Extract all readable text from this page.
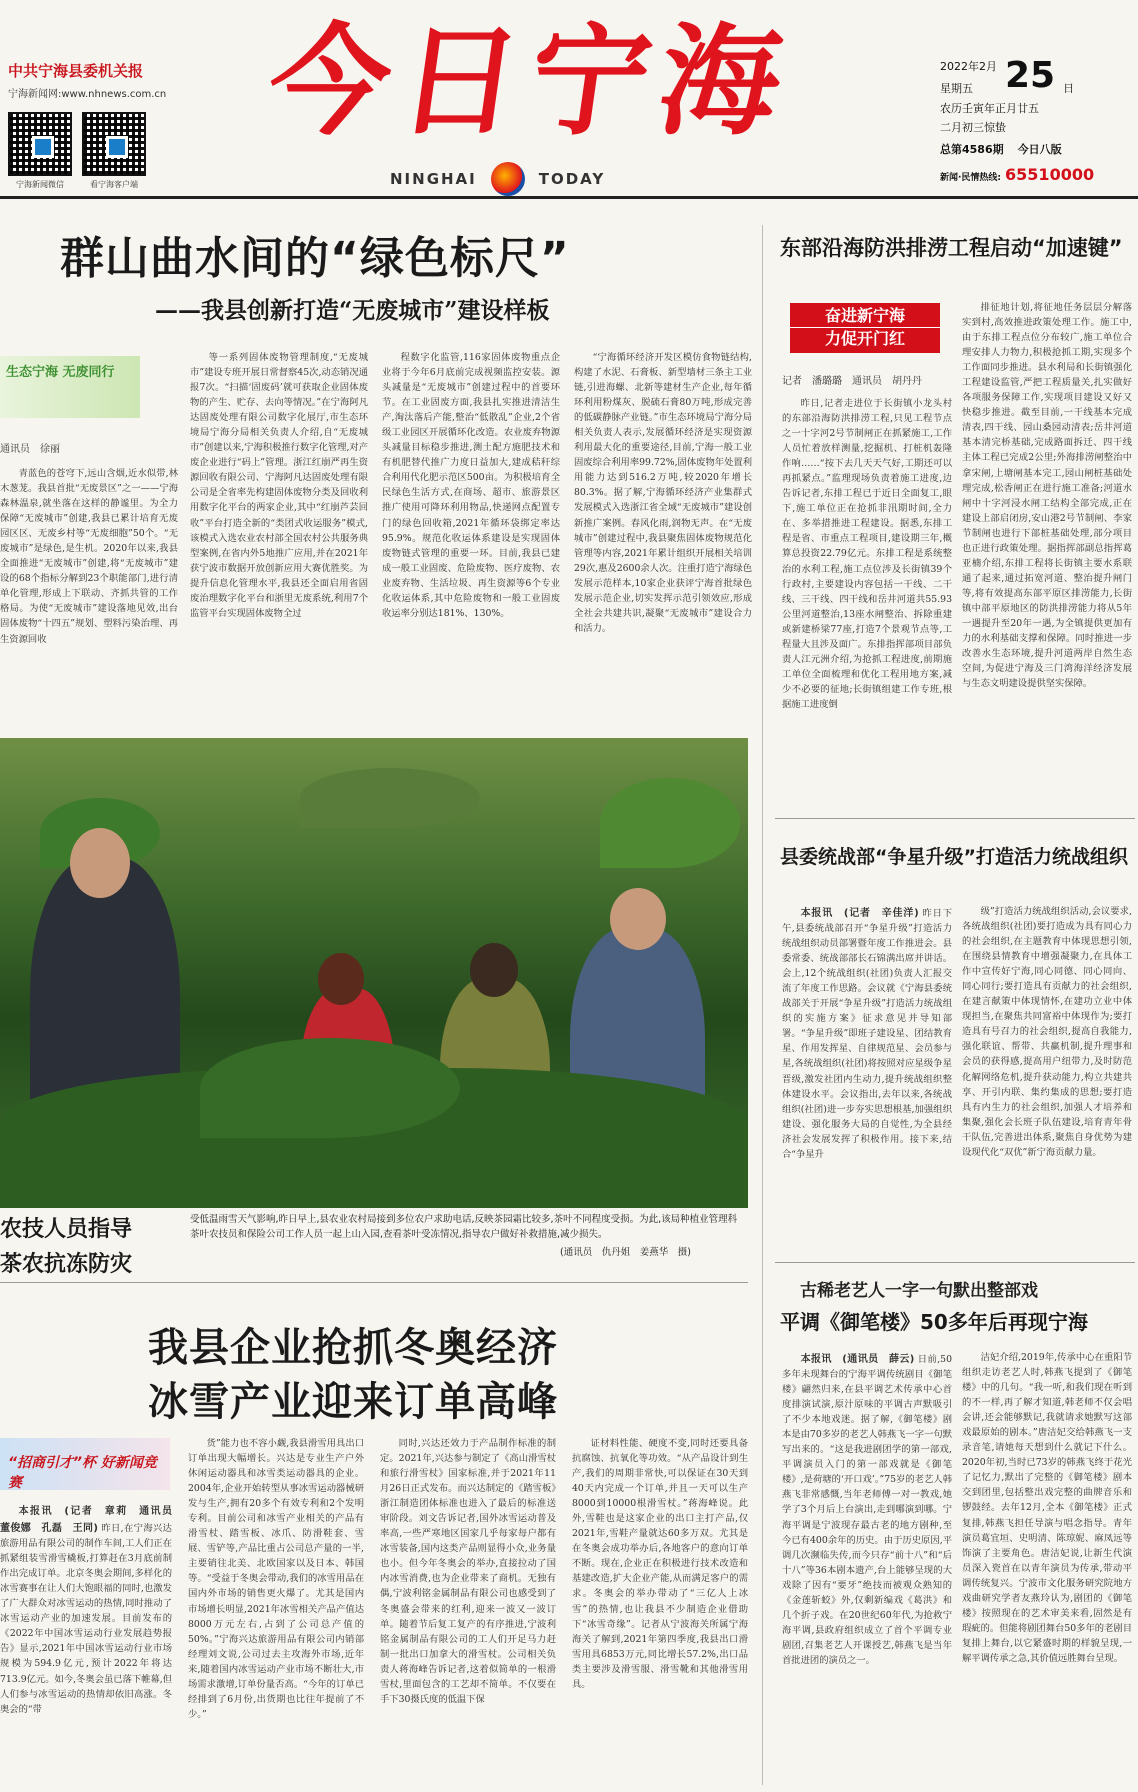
中共宁海县委机关报
宁海新闻网:www.nhnews.com.cn
宁海新闻微信	看宁海客户端
今日宁海
NINGHAI	TODAY
2022年2月
星期五 25 日
农历壬寅年正月廿五
二月初三惊蛰
总第4586期 今日八版
新闻·民情热线: 65510000
群山曲水间的“绿色标尺”
——我县创新打造“无废城市”建设样板
生态宁海 无废同行
通讯员　徐丽

青蓝色的苍穹下,远山含烟,近水似带,林木葱茏。我县首批“无废景区”之一——宁海森林温泉,就坐落在这样的静谧里。为全力保障“无废城市”创建,我县已累计培育无废园区区、无废乡村等“无废细胞”50个。“无废城市”是绿色,是生机。2020年以来,我县全面推进“无废城市”创建,将“无废城市”建设的68个指标分解到23个职能部门,进行清单化管理,形成上下联动、齐抓共管的工作格局。为使“无废城市”建设落地见效,出台固体废物“十四五”规划、塑料污染治理、再生资源回收

等一系列固体废物管理制度,“无废城市”建设专班开展日常督察45次,动态销况通报7次。“扫描‘固废码’就可获取企业固体废物的产生、贮存、去向等情况。”在宁海阿凡达固废处理有限公司数字化展厅,市生态环境局宁海分局相关负责人介绍,自“无废城市”创建以来,宁海积极推行数字化管理,对产废企业进行“码上”管理。浙江红崩严再生资源回收有限公司、宁海阿凡达固废处理有限公司是全省率先构建固体废物分类及回收利用数字化平台的两家企业,其中“红崩芦芸回收”平台打造全新的“类团式收运服务”模式,该模式入选农业农村部全国农村公共服务典型案例,在省内外5地推广应用,并在2021年获宁波市数据开放创新应用大赛优胜奖。为提升信息化管理水平,我县还全面启用省固废治理数字化平台和浙里无废系统,利用7个监管平台实现固体废物全过

程数字化监管,116家固体废物重点企业将于今年6月底前完成视频监控安装。源头减量是“无废城市”创建过程中的首要环节。在工业固废方面,我县扎实推进清洁生产,淘汰落后产能,整治“低散乱”企业,2个省级工业园区开展循环化改造。农业废弃物源头减量目标稳步推进,测土配方施肥技术和有机肥替代推广力度日益加大,建成秸秆综合利用代化肥示范区500亩。为积极培育全民绿色生活方式,在商场、超市、旅游景区推广使用可降环利用物品,快递网点配置专门的绿色回收箱,2021年循环袋绑定率达95.9%。规范化收运体系建设是实现固体废物链式管理的重要一环。目前,我县已建成一般工业固废、危险废物、医疗废物、农业废弃物、生活垃圾、再生资源等6个专业化收运体系,其中危险废物和一般工业固废收运率分别达181%、130%。

“宁海循环经济开发区模仿食物链结构,构建了水泥、石膏板、新型墙材三条主工业链,引进海螺、北新等建材生产企业,每年循环利用粉煤灰、脱硫石膏80万吨,形成完善的低碳静脉产业链。”市生态环境局宁海分局相关负责人表示,发展循环经济是实现资源利用最大化的重要途径,目前,宁海一般工业固废综合利用率99.72%,固体废物年处置利用能力达到516.2万吨,较2020年增长80.3%。据了解,宁海循环经济产业集群式发展模式入选浙江省全域“无废城市”建设创新推广案例。春风化雨,润物无声。在“无废城市”创建过程中,我县聚焦固体废物规范化管理等内容,2021年累计组织开展相关培训29次,惠及2600余人次。注重打造宁海绿色发展示范样本,10家企业获评宁海首批绿色发展示范企业,切实发挥示范引领效应,形成全社会共建共识,凝聚“无废城市”建设合力和活力。

农技人员指导
茶农抗冻防灾
受低温雨雪天气影响,昨日早上,县农业农村局接到多位农户求助电话,反映茶园霜比较多,茶叶不同程度受损。为此,该局种植业管理科茶叶农技员和保险公司工作人员一起上山入园,查看茶叶受冻情况,指导农户做好补救措施,减少损失。
(通讯员　仇丹姐　姜燕华　摄)
我县企业抢抓冬奥经济
冰雪产业迎来订单高峰
“招商引才”杯 好新闻竞赛

本报讯　(记者　章莉　通讯员　董俊娜　孔磊　王同) 昨日,在宁海兴达旅游用品有限公司的制作车间,工人们正在抓紧组装雪滑雪橇板,打算赶在3月底前制作出完成订单。北京冬奥会期间,多样化的冰雪赛事在让人们大饱眼福的同时,也激发了广大群众对冰雪运动的热情,同时推动了冰雪运动产业的加速发展。目前发布的《2022年中国冰雪运动行业发展趋势报告》显示,2021年中国冰雪运动行业市场规模为594.9亿元,预计2022年将达713.9亿元。如今,冬奥会虽已落下帷幕,但人们参与冰雪运动的热情却依旧高涨。冬奥会的“带

货”能力也不容小觑,我县滑雪用具出口订单出现大幅增长。兴达是专业生产户外休闲运动器具和冰雪类运动器具的企业。2004年,企业开始转型从事冰雪运动器械研发与生产,拥有20多个有效专利和2个发明专利。目前公司和冰雪产业相关的产品有滑雪杖、踏雪板、冰爪、防滑鞋套、雪屐、雪铲等,产品比重占公司总产量的一半,主要销往北美、北欧国家以及日本、韩国等。“受益于冬奥会带动,我们的冰雪用品在国内外市场的销售更火爆了。尤其是国内市场增长明显,2021年冰雪相关产品产值达8000万元左右,占到了公司总产值的50%。”宁海兴达旅游用品有限公司内销部经理刘文说,公司过去主攻海外市场,近年来,随着国内冰雪运动产业市场不断壮大,市场需求激增,订单份量否高。“今年的订单已经排到了6月份,出货期也比往年提前了不少。”

同时,兴达还效力于产品制作标准的制定。2021年,兴达参与制定了《高山滑雪杖和旅行滑雪杖》国家标准,并于2021年11月26日正式发布。而兴达制定的《踏雪板》浙江制造团体标准也进入了最后的标准送审阶段。刘文告诉记者,国外冰雪运动普及率高,一些严寒地区国家几乎每家每户都有冰雪装备,国内这类产品则显得小众,业务量也小。但今年冬奥会的举办,直接拉动了国内冰雪消费,也为企业带来了商机。无独有偶,宁波利铭金属制品有限公司也感受到了冬奥盛会带来的红利,迎来一波又一波订单。随着节后复工复产的有序推进,宁波利铭金属制品有限公司的工人们开足马力赶制一批出口加拿大的滑雪杖。公司相关负责人蒋海峰告诉记者,这着似简单的一根滑雪杖,里面包含的工艺却不简单。不仅要在手下30摄氏度的低温下保

证材料性能、硬度不变,同时还要具备抗腐蚀、抗氧化等功效。“从产品设计到生产,我们的周期非常快,可以保证在30天到40天内完成一个订单,并且一天可以生产8000到10000根滑雪杖。”蒋海峰说。此外,雪鞋也是这家企业的出口主打产品,仅2021年,雪鞋产量就达60多万双。尤其是在冬奥会成功举办后,各地客户的意向订单不断。现在,企业正在积极进行技术改造和基建改造,扩大企业产能,从而满足客户的需求。冬奥会的举办带动了“三亿人上冰雪”的热情,也让我县不少制造企业借助下“冰雪奇缘”。记者从宁波海关所属宁海海关了解到,2021年第四季度,我县出口滑雪用具6853万元,同比增长57.2%,出口品类主要涉及滑雪服、滑雪靴和其他滑雪用具。

东部沿海防洪排涝工程启动“加速键”
奋进新宁海
力促开门红
记者　潘璐璐　通讯员　胡丹丹

昨日,记者走进位于长街镇小龙头村的东部沿海防洪排涝工程,只见工程节点之一十字河2号节制闸正在抓紧施工,工作人员忙着放样测量,挖掘机、打桩机轰隆作响……“按下去几天天气好,工期还可以再抓紧点。”监理现场负责着施工进度,边告诉记者,东排工程已于近日全面复工,眼下,施工单位正在抢抓非汛期时间,全力在、多举措推进工程建设。据悉,东排工程是省、市重点工程项目,建设期三年,概算总投资22.79亿元。东排工程是系统整治的水利工程,施工点位涉及长街镇39个行政村,主要建设内容包括一干线、二干线、三干线、四干线和岳井河道共55.93公里河道整治,13座水闸整治、拆除重建或新建桥梁77座,打造7个景观节点等,工程量大且涉及面广。东排指挥部项目部负责人江元洲介绍,为抢抓工程进度,前期施工单位全面梳理和优化工程用地方案,减少不必要的征地;长街镇组建工作专班,根据施工进度倒

排征地计划,将征地任务层层分解落实到村,高效推进政策处理工作。施工中,由于东排工程点位分布较广,施工单位合理安排人力物力,积极抢抓工期,实现多个工作面同步推进。县水利局和长街镇强化工程建设监管,严把工程质量关,扎实做好各项服务保障工作,实现项目建设又好又快稳步推进。截至目前,一干线基本完成清表,四干线、园山桑园动清表;岳井河道基本清完桥基础,完成路面拆迁、四干线主体工程已完成2公里;外海排涝闸整治中拿宋闸,上塘闸基本完工,园山闸桩基础处理完成,松香闸正在进行施工准备;河道水闸中十字河浸水闸工结构全部完成,正在建设上部启闭房,安山港2号节制闸、李家节制闸也进行下部桩基础处理,部分项目也正进行政策处理。据指挥部副总指挥葛亚楠介绍,东排工程将长街镇主要水系联通了起来,通过拓宽河道、整治提升闸门等,将有效提高东部平原区排涝能力,长街镇中部平原地区的防洪排涝能力将从5年一遇提升至20年一遇,为全镇提供更加有力的水利基础支撑和保障。同时推进一步改善水生态环境,提升河道两岸自然生态空间,为促进宁海及三门湾海洋经济发展与生态文明建设提供坚实保障。

县委统战部“争星升级”打造活力统战组织

本报讯　(记者　辛佳洋) 昨日下午,县委统战部召开“争星升级”打造活力统战组织动员部署暨年度工作推进会。县委常委、统战部部长石锦满出席并讲话。会上,12个统战组织(社团)负责人汇报交流了年度工作思路。会议就《宁海县委统战部关于开展“争星升级”打造活力统战组织的实施方案》征求意见并导知部署。“争星升级”即班子建设星、团结教育星、作用发挥星、自律规范星、会员参与星,各统战组织(社团)将按照对应星级争星晋级,激发社团内生动力,提升统战组织整体建设水平。会议指出,去年以来,各统战组织(社团)进一步夯实思想根基,加强组织建设、强化服务大局的自觉性,为全县经济社会发展发挥了积极作用。接下来,结合“争星升

级”打造活力统战组织活动,会议要求,各统战组织(社团)要打造成为具有同心力的社会组织,在主题教育中体现思想引领,在围绕县情教育中增强凝聚力,在具体工作中宣传好宁海,同心同德、同心同向、同心同行;要打造具有贡献力的社会组织,在建言献策中体现情怀,在建功立业中体现担当,在聚焦共同富裕中体现作为;要打造具有号召力的社会组织,提高自我能力,强化联谊、帮带、共赢机制,提升理事和会员的获得感,提高用户纽带力,及时防范化解网络危机,提升获动能力,构立共建共享、开引内联、集约集成的思想;要打造具有内生力的社会组织,加强人才培养和集聚,强化会长班子队伍建设,培育青年骨干队伍,完善进出体系,聚焦自身优势为建设现代化“双优”新宁海贡献力量。

古稀老艺人一字一句默出整部戏
平调《御笔楼》50多年后再现宁海

本报讯　(通讯员　薛云) 日前,50多年未现舞台的宁海平调传统剧目《御笔楼》翩然归来,在县平调艺术传承中心首度排演试演,原汁原味的平调古声默吸引了不少本地戏迷。据了解,《御笔楼》剧本是由70多岁的老艺人韩燕飞一字一句默写出来的。“这是我进剧团学的第一部戏,平调演员入门的第一部戏就是《御笔楼》,是荷塘的‘开口戏’。”75岁的老艺人韩燕飞非常感慨,当年老师傅一对一教戏,她学了3个月后上台演出,走到哪演到哪。宁海平调是宁波现存最古老的地方剧种,至今已有400余年的历史。由于历史原因,平调几次濒临失传,而今只存“前十八”和“后十八”等36本剧本遗产,台上能够呈现的大戏除了因有“要牙”绝技而被观众熟知的《金莲斩蛟》外,仅剩新编戏《葛洪》和几个折子戏。在20世纪60年代,为抢救宁海平调,县政府组织成立了首个平调专业剧团,召集老艺人开课授艺,韩燕飞是当年首批进团的演员之一。

洁妃介绍,2019年,传承中心在重阳节组织走访老艺人时,韩燕飞提到了《御笔楼》中的几句。“我一听,和我们现在听到的不一样,再了解才知道,韩老师不仅会唱会讲,还会能够默记,我就请求她默写这部戏最原始的剧本。”唐洁妃交给韩燕飞一支录音笔,请她每天想到什么就记下什么。2020年初,当时已73岁的韩燕飞终于花光了记忆力,默出了完整的《御笔楼》剧本交到团里,包括整出戏完整的曲牌音乐和锣鼓经。去年12月,全本《御笔楼》正式复排,韩燕飞担任导演与唱念指导。青年演员葛宜垣、史明清、陈琼妮、麻凤远等饰演了主要角色。唐洁妃说,让新生代演员深入瓷首在以青年演员为传承,带动平调传统复兴。宁波市文化服务研究院地方戏曲研究学者友燕玲认为,剧团的《御笔楼》按照现在的艺术审美来看,固然是有瑕疵的。但能将剧团舞台50多年的老剧目复排上舞台,以它紧盛时期的样貌呈现,一解平调传承之急,其价值远胜舞台呈现。
